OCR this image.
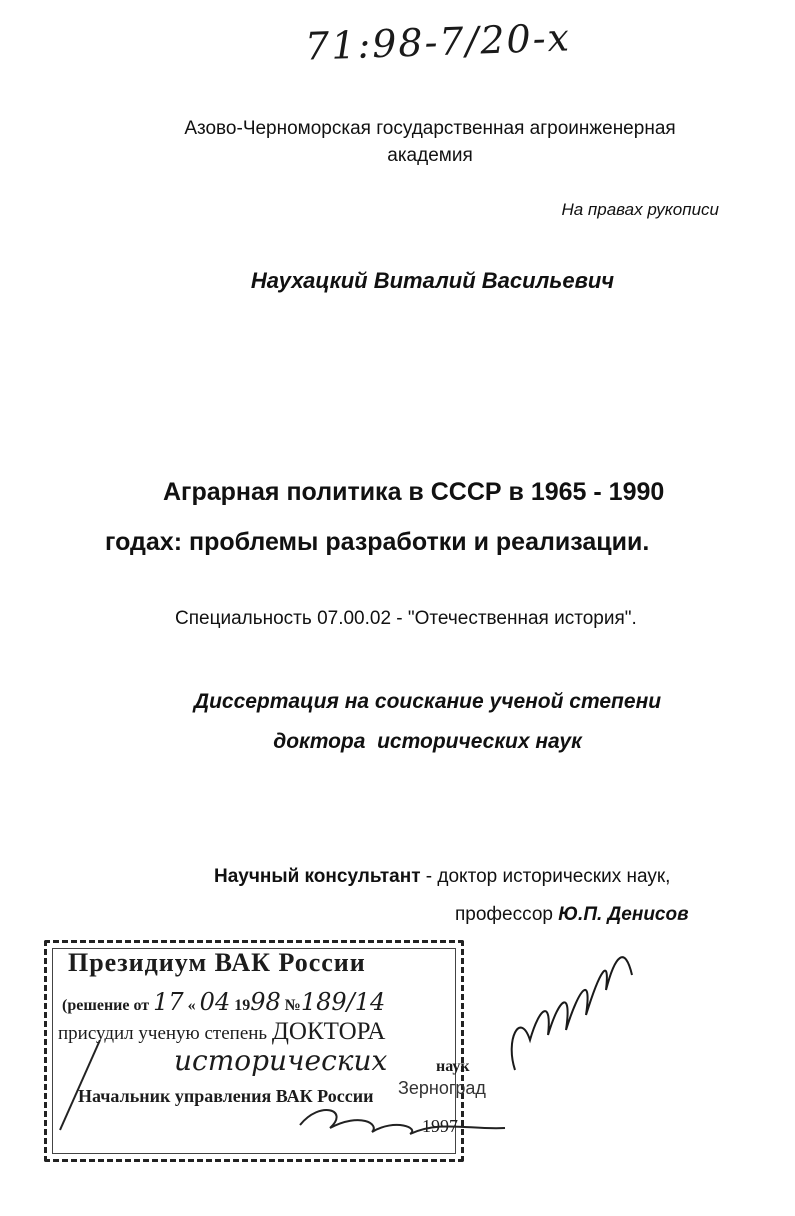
71:98-7/20-х
Азово-Черноморская государственная агроинженерная
академия
На правах рукописи
Наухацкий Виталий Васильевич
Аграрная политика в СССР в 1965 - 1990
годах: проблемы разработки и реализации.
Специальность 07.00.02 - "Отечественная история".
Диссертация на соискание ученой степени
доктора  исторических наук
Научный консультант - доктор исторических наук,
профессор Ю.П. Денисов
Президиум ВАК России
(решение от 17 « 04 1998 №189/14
присудил ученую степень ДОКТОРА
исторических	наук
Начальник управления ВАК России
1997
Зерноград
